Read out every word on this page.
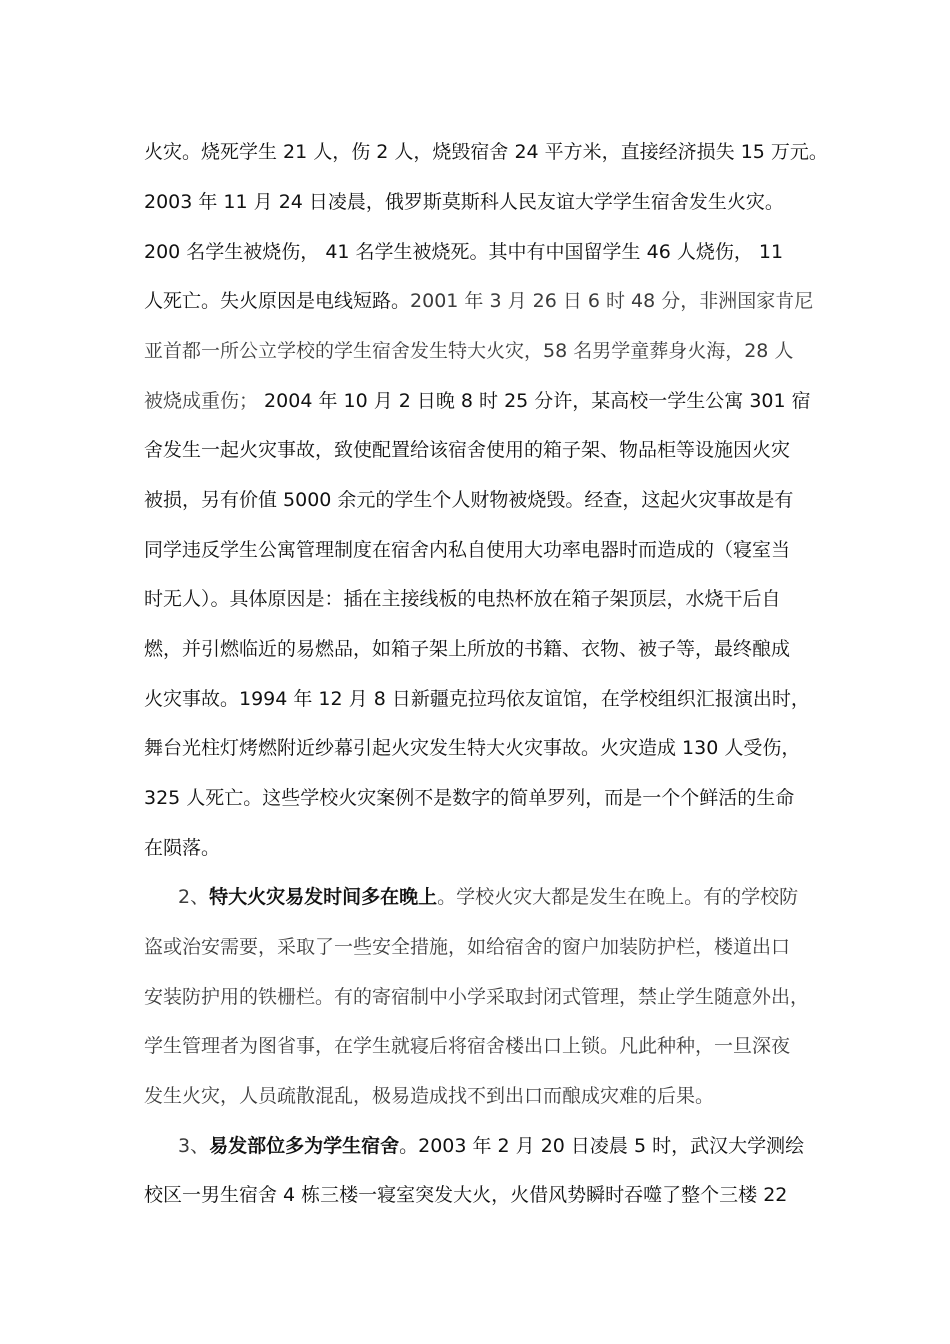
火灾。烧死学生 21 人，伤 2 人，烧毁宿舍 24 平方米，直接经济损失 15 万元。
2003 年 11 月 24 日凌晨，俄罗斯莫斯科人民友谊大学学生宿舍发生火灾。
200 名学生被烧伤， 41 名学生被烧死。其中有中国留学生 46 人烧伤， 11
人死亡。失火原因是电线短路。2001 年 3 月 26 日 6 时 48 分，非洲国家肯尼
亚首都一所公立学校的学生宿舍发生特大火灾，58 名男学童葬身火海，28 人
被烧成重伤； 2004 年 10 月 2 日晚 8 时 25 分许，某高校一学生公寓 301 宿
舍发生一起火灾事故，致使配置给该宿舍使用的箱子架、物品柜等设施因火灾
被损，另有价值 5000 余元的学生个人财物被烧毁。经查，这起火灾事故是有
同学违反学生公寓管理制度在宿舍内私自使用大功率电器时而造成的（寝室当
时无人）。具体原因是：插在主接线板的电热杯放在箱子架顶层，水烧干后自
燃，并引燃临近的易燃品，如箱子架上所放的书籍、衣物、被子等，最终酿成
火灾事故。1994 年 12 月 8 日新疆克拉玛依友谊馆，在学校组织汇报演出时，
舞台光柱灯烤燃附近纱幕引起火灾发生特大火灾事故。火灾造成 130 人受伤，
325 人死亡。这些学校火灾案例不是数字的简单罗列，而是一个个鲜活的生命
在陨落。
2、特大火灾易发时间多在晚上。学校火灾大都是发生在晚上。有的学校防
盗或治安需要，采取了一些安全措施，如给宿舍的窗户加装防护栏，楼道出口
安装防护用的铁栅栏。有的寄宿制中小学采取封闭式管理，禁止学生随意外出，
学生管理者为图省事，在学生就寝后将宿舍楼出口上锁。凡此种种，一旦深夜
发生火灾，人员疏散混乱，极易造成找不到出口而酿成灾难的后果。
3、易发部位多为学生宿舍。2003 年 2 月 20 日凌晨 5 时，武汉大学测绘
校区一男生宿舍 4 栋三楼一寝室突发大火，火借风势瞬时吞噬了整个三楼 22
